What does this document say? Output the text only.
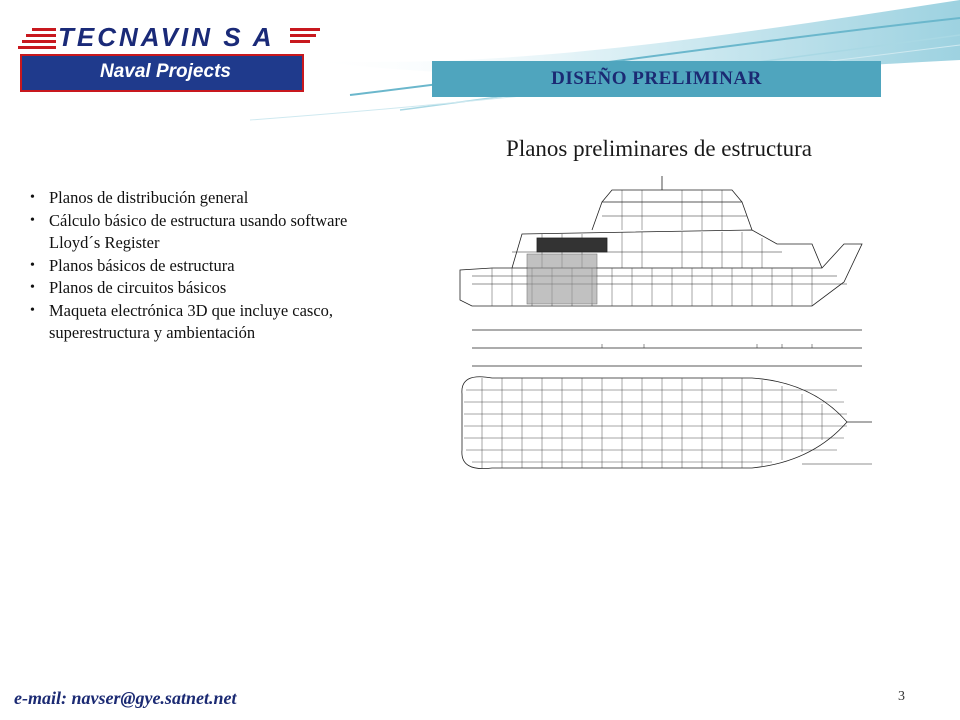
TECNAVIN S A
Naval Projects	DISEÑO PRELIMINAR
Planos preliminares de estructura
• Planos de distribución general
• Cálculo básico de estructura usando software Lloyd´s Register
• Planos básicos de estructura
• Planos de circuitos básicos
• Maqueta electrónica 3D que incluye casco, superestructura y ambientación
e-mail: navser@gye.satnet.net	3
